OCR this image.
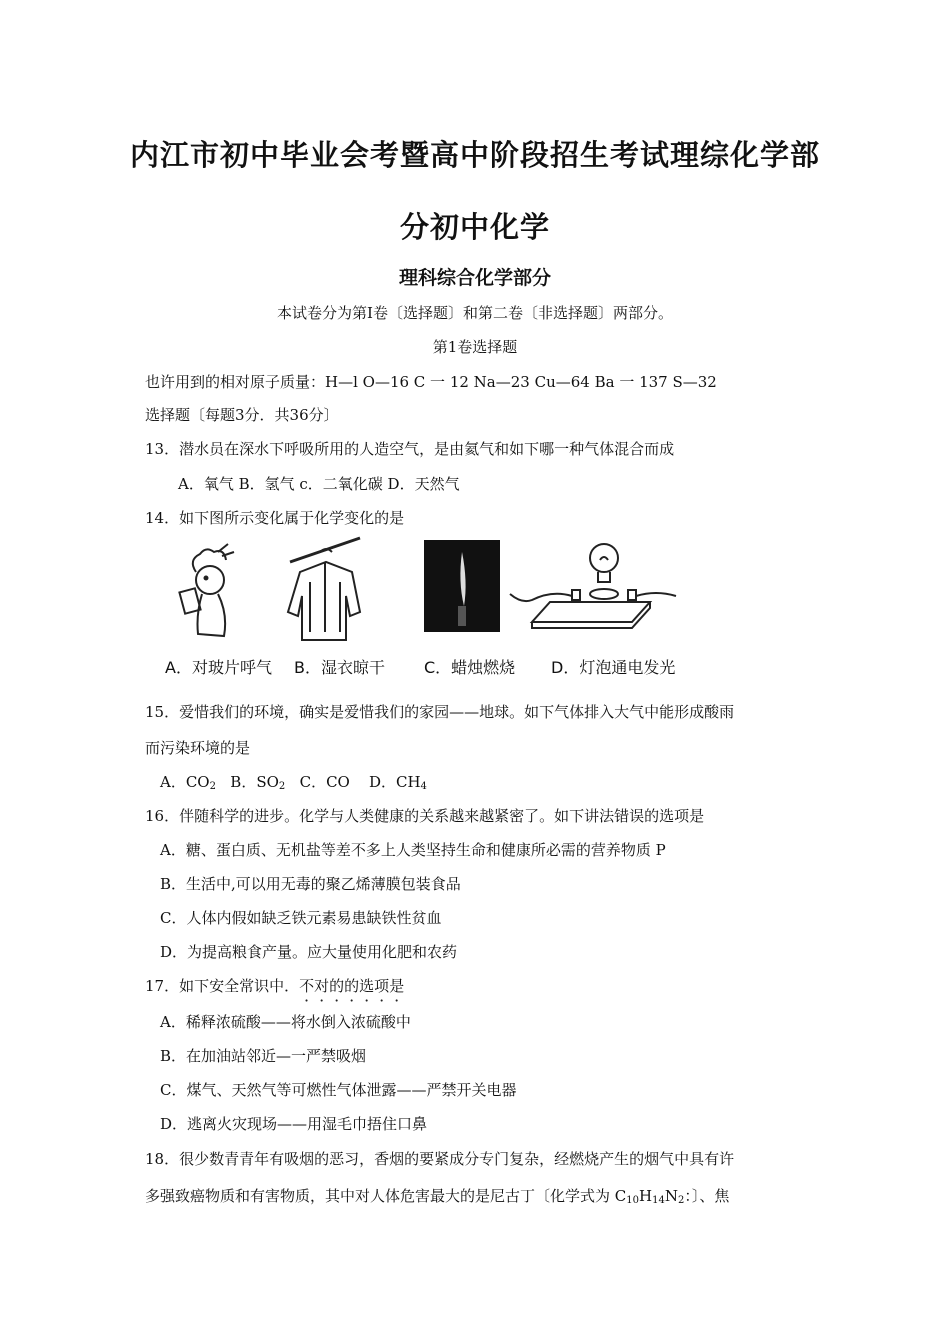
内江市初中毕业会考暨高中阶段招生考试理综化学部
分初中化学
理科综合化学部分
本试卷分为第I卷〔选择题〕和第二卷〔非选择题〕两部分。
第1卷选择题
也许用到的相对原子质量：H—l O—16 C 一 12 Na—23 Cu—64 Ba 一 137 S—32
选择题〔每题3分．共36分〕
13．潜水员在深水下呼吸所用的人造空气，是由氦气和如下哪一种气体混合而成
A．氧气 B．氢气 c．二氧化碳 D．天然气
14．如下图所示变化属于化学变化的是
A．对玻片呼气 B．湿衣晾干 C．蜡烛燃烧 D．灯泡通电发光
15．爱惜我们的环境，确实是爱惜我们的家园——地球。如下气体排入大气中能形成酸雨
而污染环境的是
A．$CO_2$ B．$SO_2$ C．CO D．$CH_4$
16．伴随科学的进步。化学与人类健康的关系越来越紧密了。如下讲法错误的选项是
A．糖、蛋白质、无机盐等差不多上人类坚持生命和健康所必需的营养物质 P
B．生活中,可以用无毒的聚乙烯薄膜包装食品
C．人体内假如缺乏铁元素易患缺铁性贫血
D．为提高粮食产量。应大量使用化肥和农药
17．如下安全常识中．不对的的选项是
A．稀释浓硫酸——将水倒入浓硫酸中
B．在加油站邻近—一严禁吸烟
C．煤气、天然气等可燃性气体泄露——严禁开关电器
D．逃离火灾现场——用湿毛巾捂住口鼻
18．很少数青青年有吸烟的恶习，香烟的要紧成分专门复杂，经燃烧产生的烟气中具有许
多强致癌物质和有害物质，其中对人体危害最大的是尼古丁〔化学式为 $C_{10}H_{14}N_2$：〕、焦
